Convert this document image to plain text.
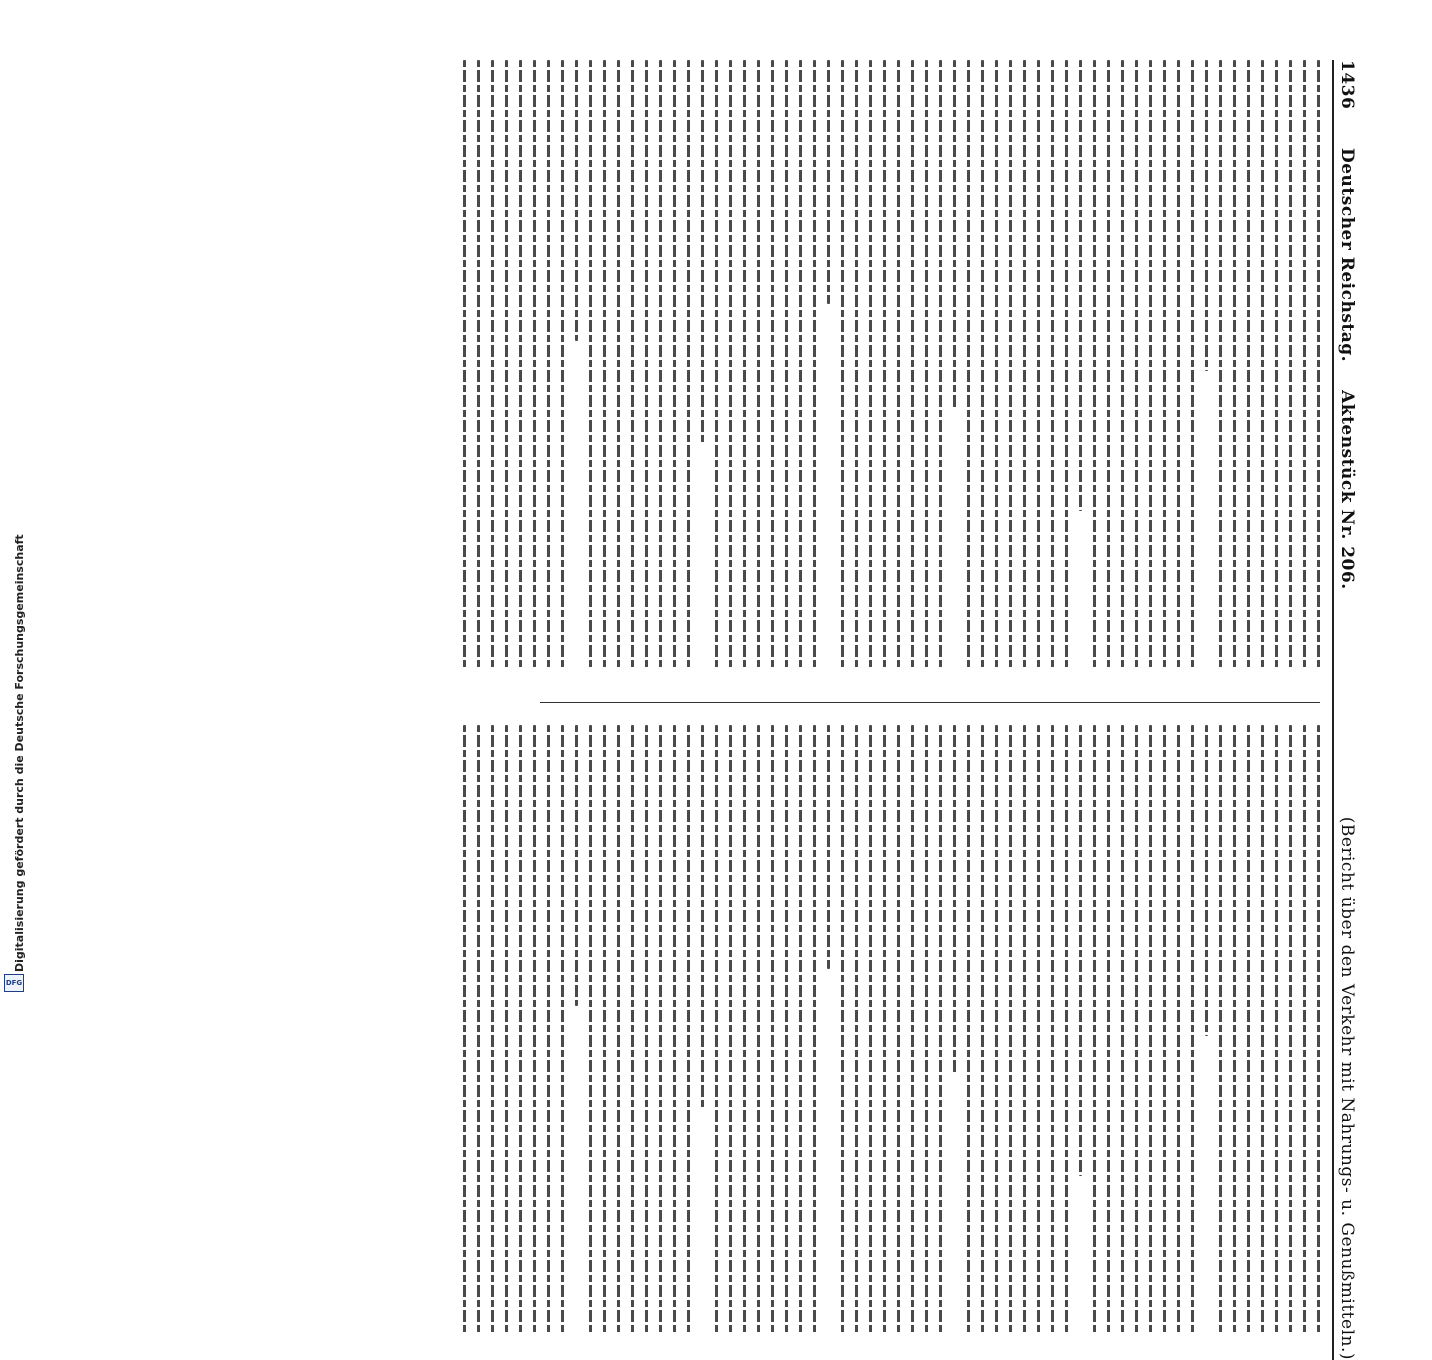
DFG
Digitalisierung gefördert durch die Deutsche Forschungsgemeinschaft
1436
Deutscher Reichstag.
Aktenstück Nr. 206.
(Bericht über den Verkehr mit Nahrungs- u. Genußmitteln.)
